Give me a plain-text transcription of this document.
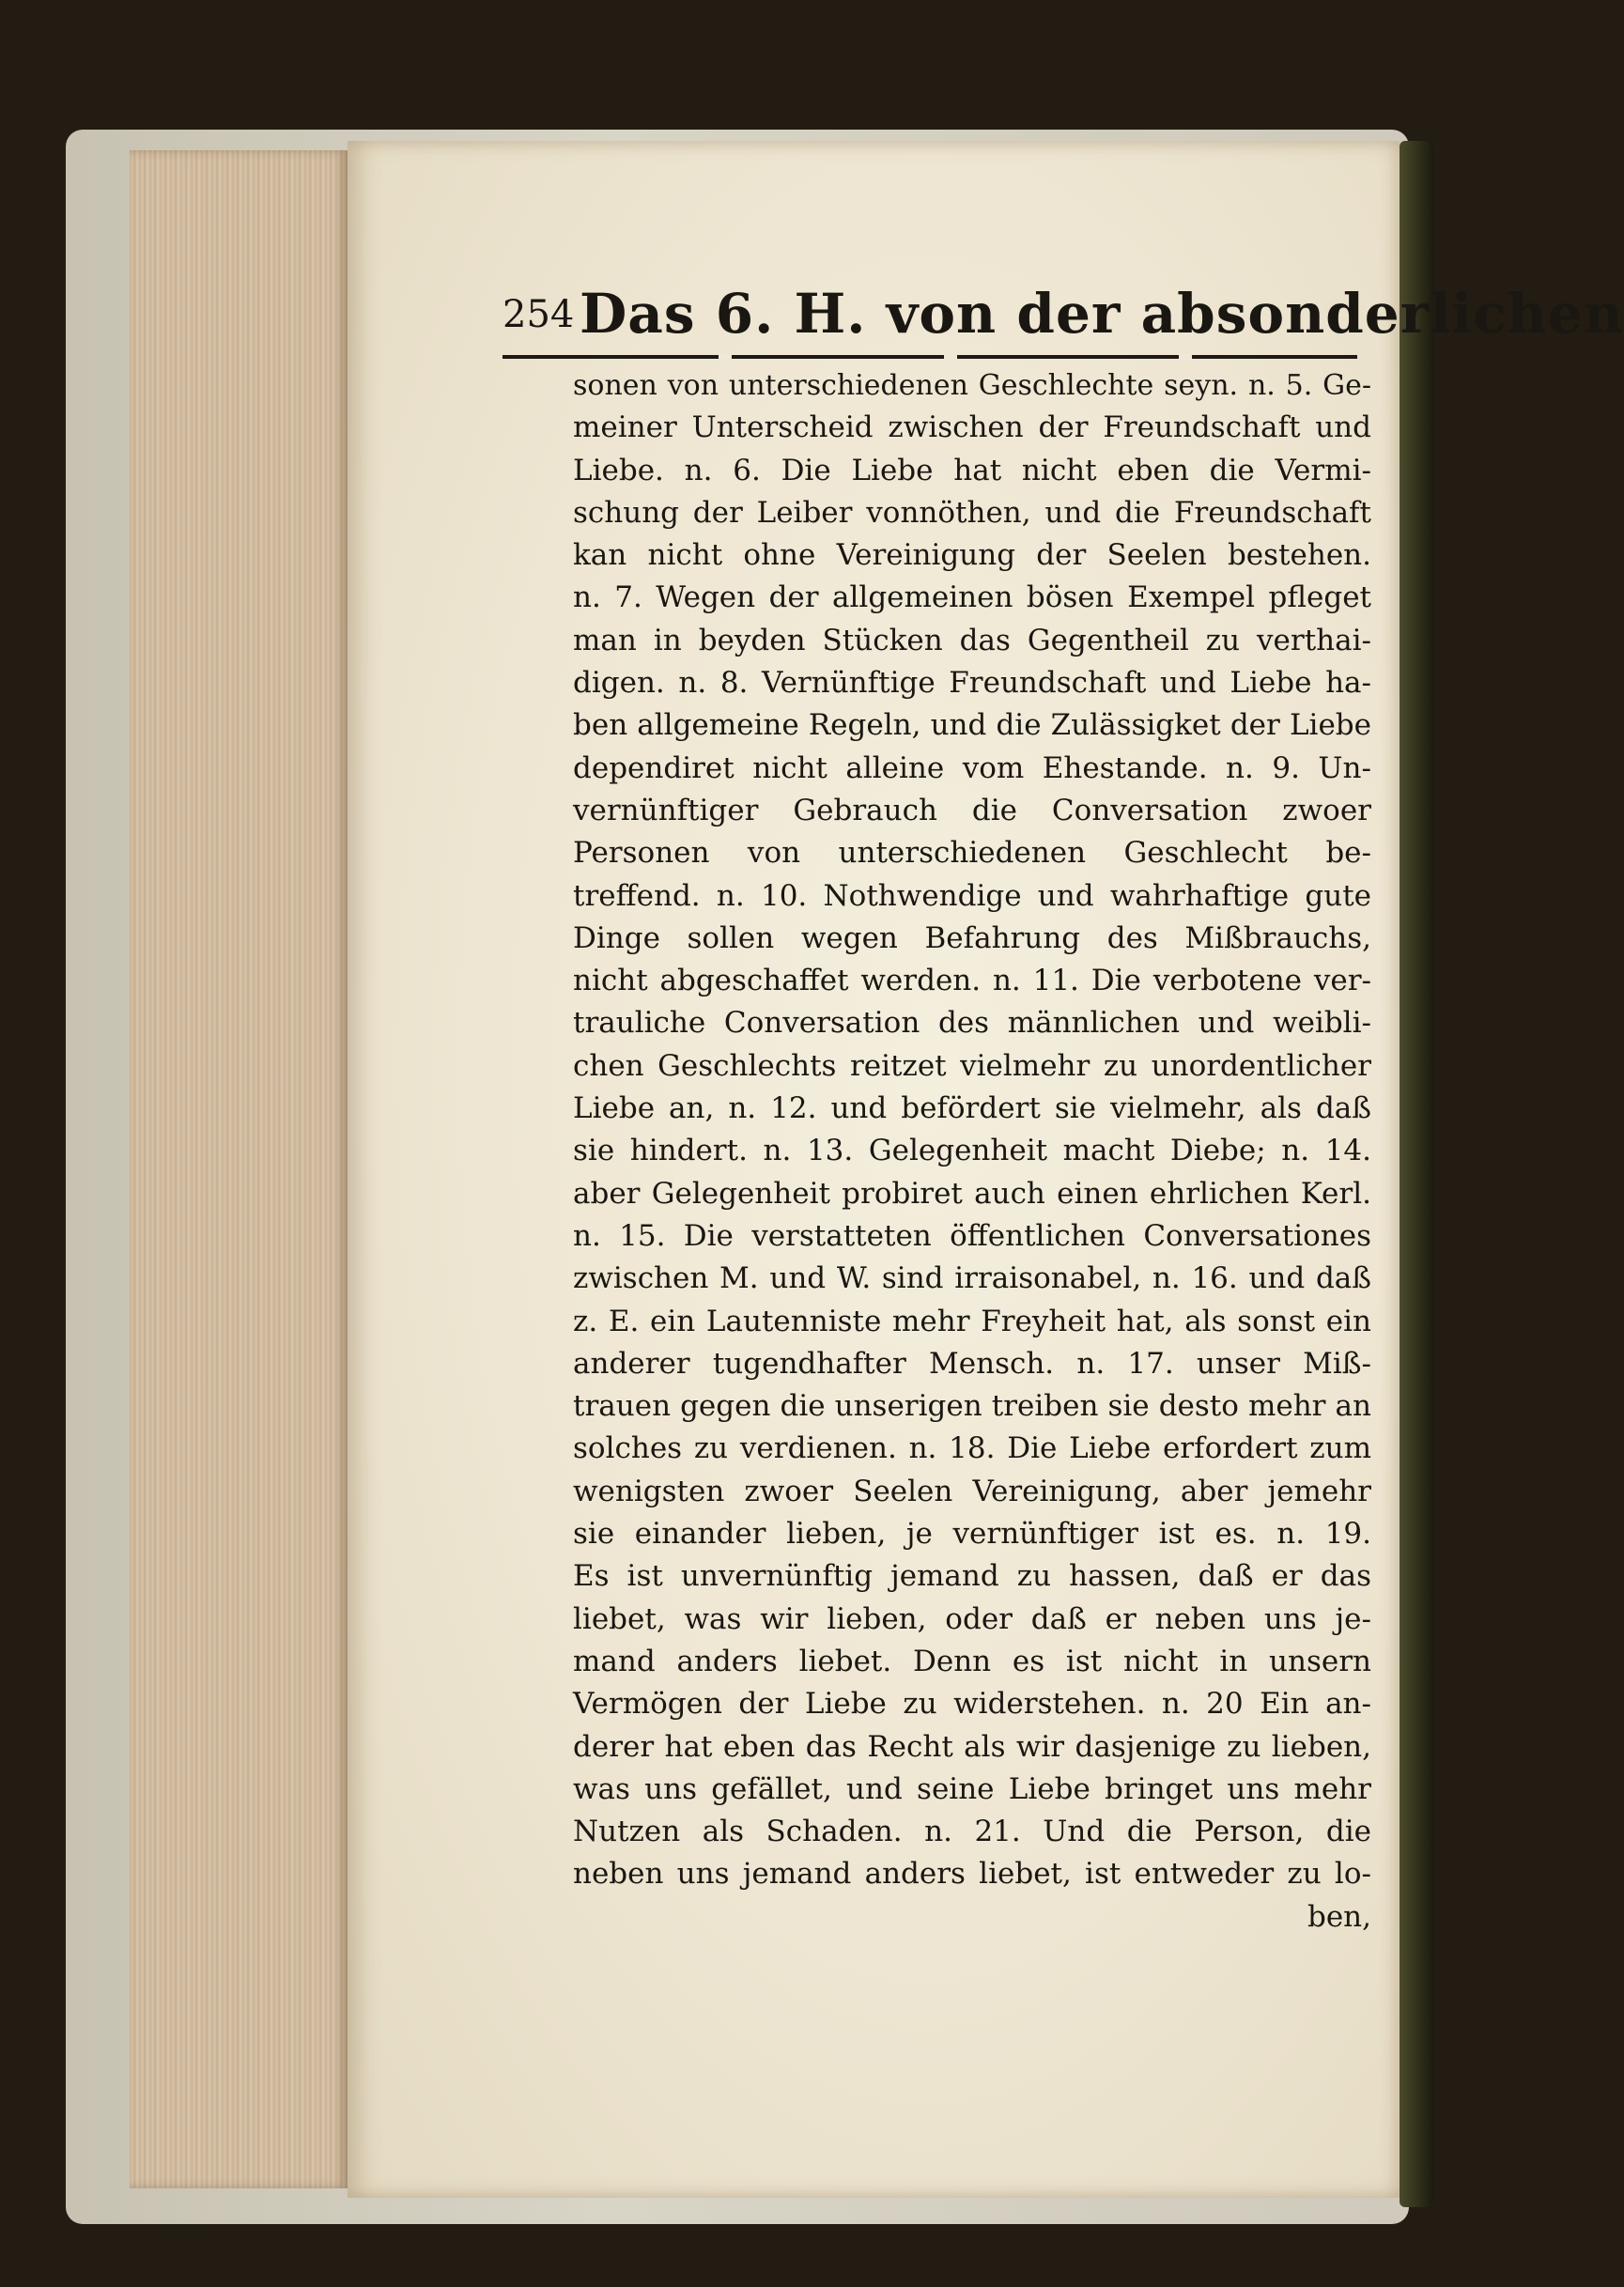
254 Das 6. H. von der absonderlichen
sonen von unterschiedenen Geschlechte seyn. n. 5. Ge-
meiner Unterscheid zwischen der Freundschaft und
Liebe. n. 6. Die Liebe hat nicht eben die Vermi-
schung der Leiber vonnöthen, und die Freundschaft
kan nicht ohne Vereinigung der Seelen bestehen.
n. 7. Wegen der allgemeinen bösen Exempel pfleget
man in beyden Stücken das Gegentheil zu verthai-
digen. n. 8. Vernünftige Freundschaft und Liebe ha-
ben allgemeine Regeln, und die Zulässigket der Liebe
dependiret nicht alleine vom Ehestande. n. 9. Un-
vernünftiger Gebrauch die Conversation zwoer
Personen von unterschiedenen Geschlecht be-
treffend. n. 10. Nothwendige und wahrhaftige gute
Dinge sollen wegen Befahrung des Mißbrauchs,
nicht abgeschaffet werden. n. 11. Die verbotene ver-
trauliche Conversation des männlichen und weibli-
chen Geschlechts reitzet vielmehr zu unordentlicher
Liebe an, n. 12. und befördert sie vielmehr, als daß
sie hindert. n. 13. Gelegenheit macht Diebe; n. 14.
aber Gelegenheit probiret auch einen ehrlichen Kerl.
n. 15. Die verstatteten öffentlichen Conversationes
zwischen M. und W. sind irraisonabel, n. 16. und daß
z. E. ein Lautenniste mehr Freyheit hat, als sonst ein
anderer tugendhafter Mensch. n. 17. unser Miß-
trauen gegen die unserigen treiben sie desto mehr an
solches zu verdienen. n. 18. Die Liebe erfordert zum
wenigsten zwoer Seelen Vereinigung, aber jemehr
sie einander lieben, je vernünftiger ist es. n. 19.
Es ist unvernünftig jemand zu hassen, daß er das
liebet, was wir lieben, oder daß er neben uns je-
mand anders liebet. Denn es ist nicht in unsern
Vermögen der Liebe zu widerstehen. n. 20 Ein an-
derer hat eben das Recht als wir dasjenige zu lieben,
was uns gefället, und seine Liebe bringet uns mehr
Nutzen als Schaden. n. 21. Und die Person, die
neben uns jemand anders liebet, ist entweder zu lo-
ben,
